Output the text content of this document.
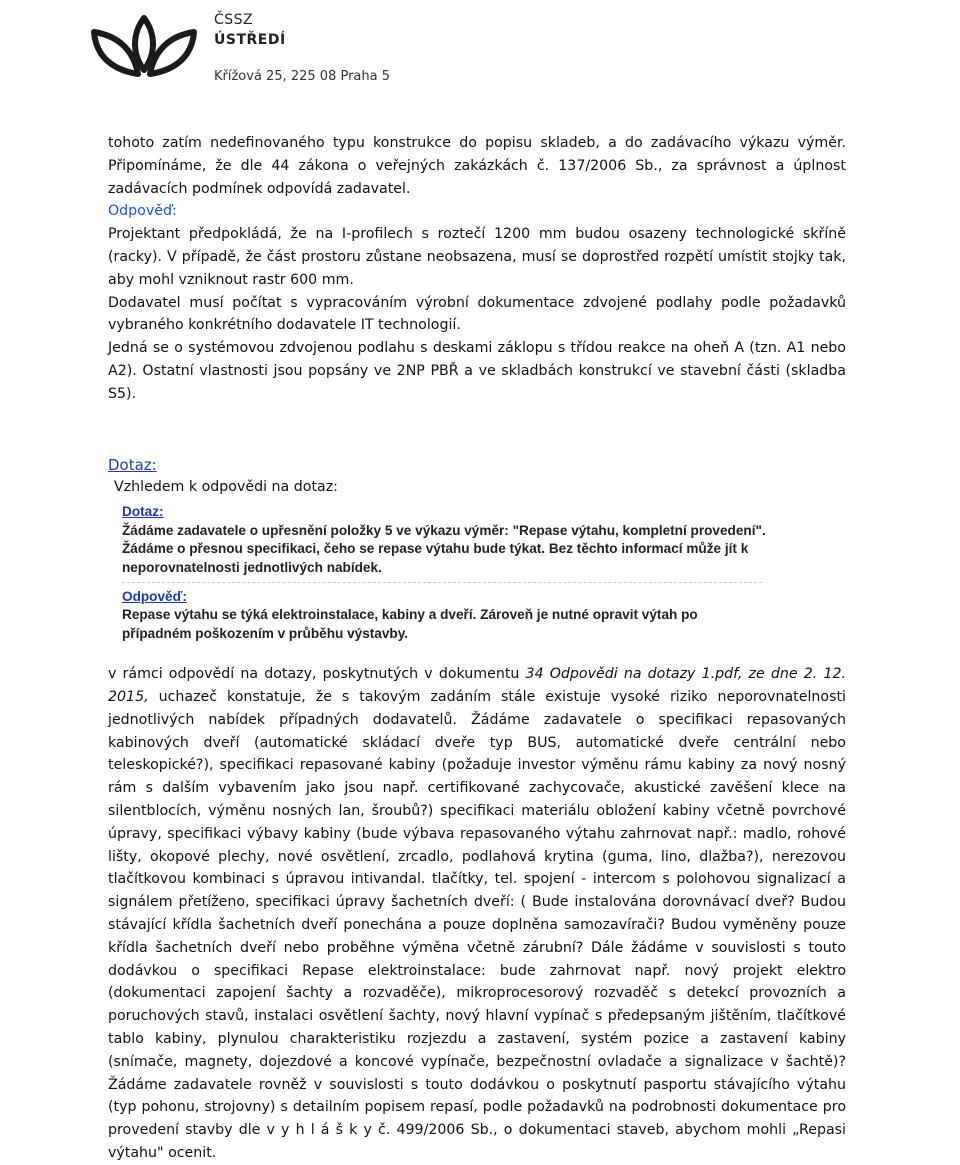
ČSSZ
ÚSTŘEDÍ
Křížová 25, 225 08 Praha 5

tohoto zatím nedefinovaného typu konstrukce do popisu skladeb, a do zadávacího výkazu výměr. Připomínáme, že dle 44 zákona o veřejných zakázkách č. 137/2006 Sb., za správnost a úplnost zadávacích podmínek odpovídá zadavatel.

Odpověď:

Projektant předpokládá, že na I-profilech s roztečí 1200 mm budou osazeny technologické skříně (racky). V případě, že část prostoru zůstane neobsazena, musí se doprostřed rozpětí umístit stojky tak, aby mohl vzniknout rastr 600 mm.

Dodavatel musí počítat s vypracováním výrobní dokumentace zdvojené podlahy podle požadavků vybraného konkrétního dodavatele IT technologií.

Jedná se o systémovou zdvojenou podlahu s deskami záklopu s třídou reakce na oheň A (tzn. A1 nebo A2). Ostatní vlastnosti jsou popsány ve 2NP PBŘ a ve skladbách konstrukcí ve stavební části (skladba S5).

Dotaz:

Vzhledem k odpovědi na dotaz:

Dotaz:
Žádáme zadavatele o upřesnění položky 5 ve výkazu výměr: "Repase výtahu, kompletní provedení".
Žádáme o přesnou specifikaci, čeho se repase výtahu bude týkat. Bez těchto informací může jít k
neporovnatelnosti jednotlivých nabídek.
Odpověď:
Repase výtahu se týká elektroinstalace, kabiny a dveří. Zároveň je nutné opravit výtah po
případném poškozením v průběhu výstavby.

v rámci odpovědí na dotazy, poskytnutých v dokumentu 34 Odpovědi na dotazy 1.pdf, ze dne 2. 12. 2015, uchazeč konstatuje, že s takovým zadáním stále existuje vysoké riziko neporovnatelnosti jednotlivých nabídek případných dodavatelů. Žádáme zadavatele o specifikaci repasovaných kabinových dveří (automatické skládací dveře typ BUS, automatické dveře centrální nebo teleskopické?), specifikaci repasované kabiny (požaduje investor výměnu rámu kabiny za nový nosný rám s dalším vybavením jako jsou např. certifikované zachycovače, akustické zavěšení klece na silentblocích, výměnu nosných lan, šroubů?) specifikaci materiálu obložení kabiny včetně povrchové úpravy, specifikaci výbavy kabiny (bude výbava repasovaného výtahu zahrnovat např.: madlo, rohové lišty, okopové plechy, nové osvětlení, zrcadlo, podlahová krytina (guma, lino, dlažba?), nerezovou tlačítkovou kombinaci s úpravou intivandal. tlačítky, tel. spojení - intercom s polohovou signalizací a signálem přetíženo, specifikaci úpravy šachetních dveří: ( Bude instalována dorovnávací dveř? Budou stávající křídla šachetních dveří ponechána a pouze doplněna samozavírači? Budou vyměněny pouze křídla šachetních dveří nebo proběhne výměna včetně zárubní? Dále žádáme v souvislosti s touto dodávkou o specifikaci Repase elektroinstalace: bude zahrnovat např. nový projekt elektro (dokumentaci zapojení šachty a rozvaděče), mikroprocesorový rozvaděč s detekcí provozních a poruchových stavů, instalaci osvětlení šachty, nový hlavní vypínač s předepsaným jištěním, tlačítkové tablo kabiny, plynulou charakteristiku rozjezdu a zastavení, systém pozice a zastavení kabiny (snímače, magnety, dojezdové a koncové vypínače, bezpečnostní ovladače a signalizace v šachtě)? Žádáme zadavatele rovněž v souvislosti s touto dodávkou o poskytnutí pasportu stávajícího výtahu (typ pohonu, strojovny) s detailním popisem repasí, podle požadavků na podrobnosti dokumentace pro provedení stavby dle v y h l á š k y č. 499/2006 Sb., o dokumentaci staveb, abychom mohli „Repasi výtahu" ocenit.
